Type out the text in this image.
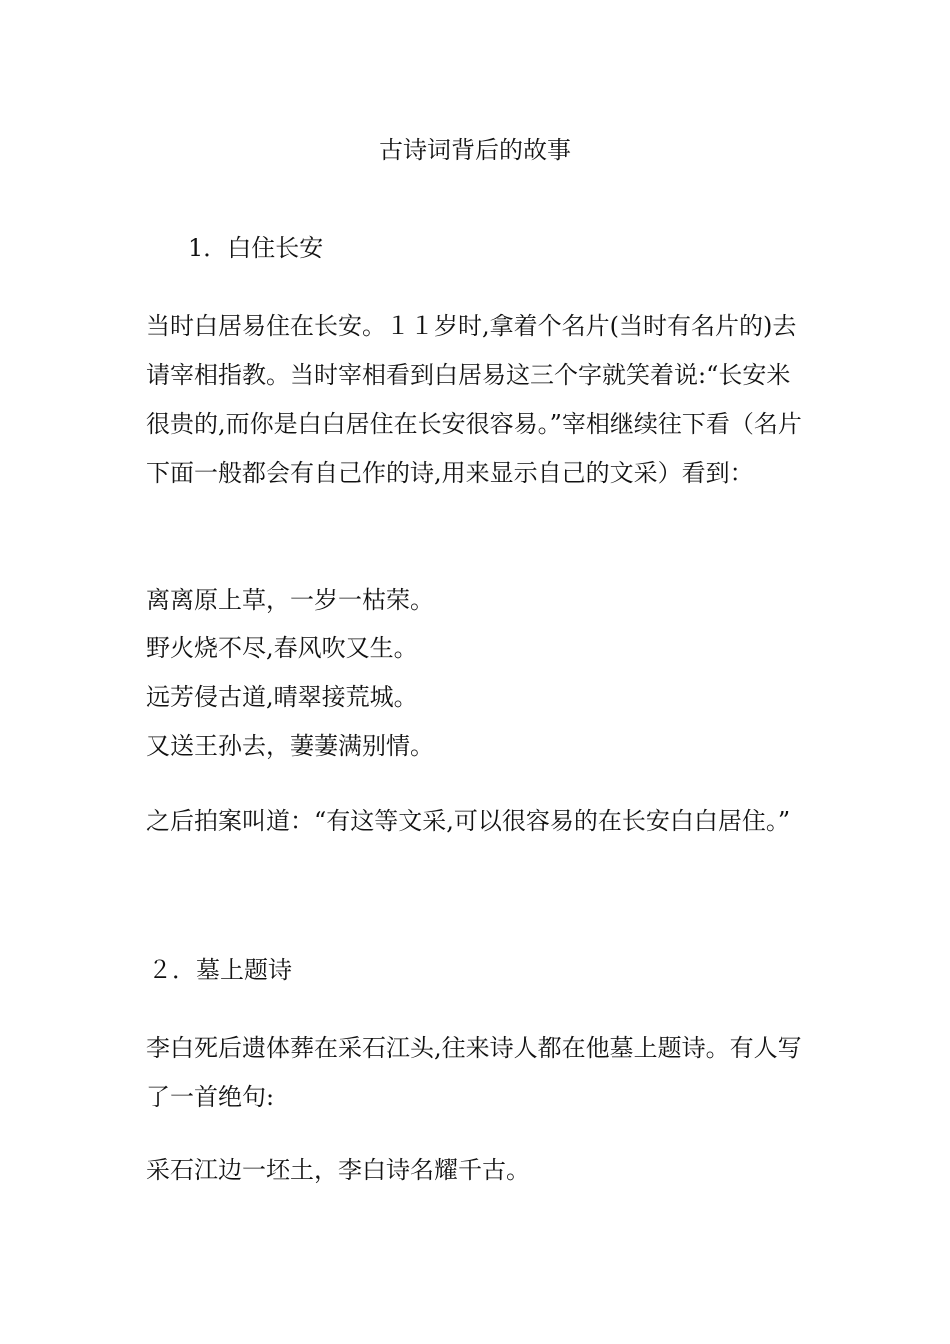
古诗词背后的故事
1．白住长安

当时白居易住在长安。１１岁时,拿着个名片(当时有名片的)去请宰相指教。当时宰相看到白居易这三个字就笑着说:“长安米很贵的,而你是白白居住在长安很容易。”宰相继续往下看（名片下面一般都会有自己作的诗,用来显示自己的文采）看到：

离离原上草，一岁一枯荣。

野火烧不尽,春风吹又生。

远芳侵古道,晴翠接荒城。

又送王孙去，萋萋满别情。

之后拍案叫道：“有这等文采,可以很容易的在长安白白居住。”

２．墓上题诗

李白死后遗体葬在采石江头,往来诗人都在他墓上题诗。有人写了一首绝句:

采石江边一坯土，李白诗名耀千古。
